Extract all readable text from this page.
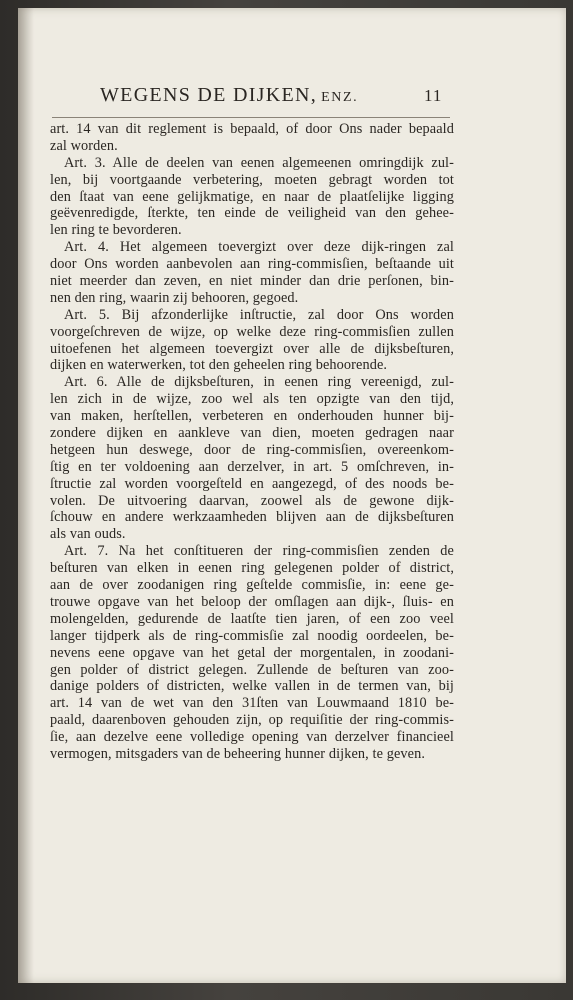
WEGENS DE DIJKEN, ENZ.	11
art. 14 van dit reglement is bepaald, of door Ons nader bepaald
zal worden.
Art. 3. Alle de deelen van eenen algemeenen omringdijk zul-
len, bij voortgaande verbetering, moeten gebragt worden tot
den ſtaat van eene gelijkmatige, en naar de plaatſelijke ligging
geëvenredigde, ſterkte, ten einde de veiligheid van den gehee-
len ring te bevorderen.
Art. 4. Het algemeen toevergizt over deze dijk-ringen zal
door Ons worden aanbevolen aan ring-commisſien, beſtaande uit
niet meerder dan zeven, en niet minder dan drie perſonen, bin-
nen den ring, waarin zij behooren, gegoed.
Art. 5. Bij afzonderlijke inſtructie, zal door Ons worden
voorgeſchreven de wijze, op welke deze ring-commisſien zullen
uitoefenen het algemeen toevergizt over alle de dijksbeſturen,
dijken en waterwerken, tot den geheelen ring behoorende.
Art. 6. Alle de dijksbeſturen, in eenen ring vereenigd, zul-
len zich in de wijze, zoo wel als ten opzigte van den tijd,
van maken, herſtellen, verbeteren en onderhouden hunner bij-
zondere dijken en aankleve van dien, moeten gedragen naar
hetgeen hun deswege, door de ring-commisſien, overeenkom-
ſtig en ter voldoening aan derzelver, in art. 5 omſchreven, in-
ſtructie zal worden voorgeſteld en aangezegd, of des noods be-
volen. De uitvoering daarvan, zoowel als de gewone dijk-
ſchouw en andere werkzaamheden blijven aan de dijksbeſturen
als van ouds.
Art. 7. Na het conſtitueren der ring-commisſien zenden de
beſturen van elken in eenen ring gelegenen polder of district,
aan de over zoodanigen ring geſtelde commisſie, in: eene ge-
trouwe opgave van het beloop der omſlagen aan dijk-, ſluis- en
molengelden, gedurende de laatſte tien jaren, of een zoo veel
langer tijdperk als de ring-commisſie zal noodig oordeelen, be-
nevens eene opgave van het getal der morgentalen, in zoodani-
gen polder of district gelegen. Zullende de beſturen van zoo-
danige polders of districten, welke vallen in de termen van, bij
art. 14 van de wet van den 31ſten van Louwmaand 1810 be-
paald, daarenboven gehouden zijn, op requiſitie der ring-commis-
ſie, aan dezelve eene volledige opening van derzelver financieel
vermogen, mitsgaders van de beheering hunner dijken, te geven.
